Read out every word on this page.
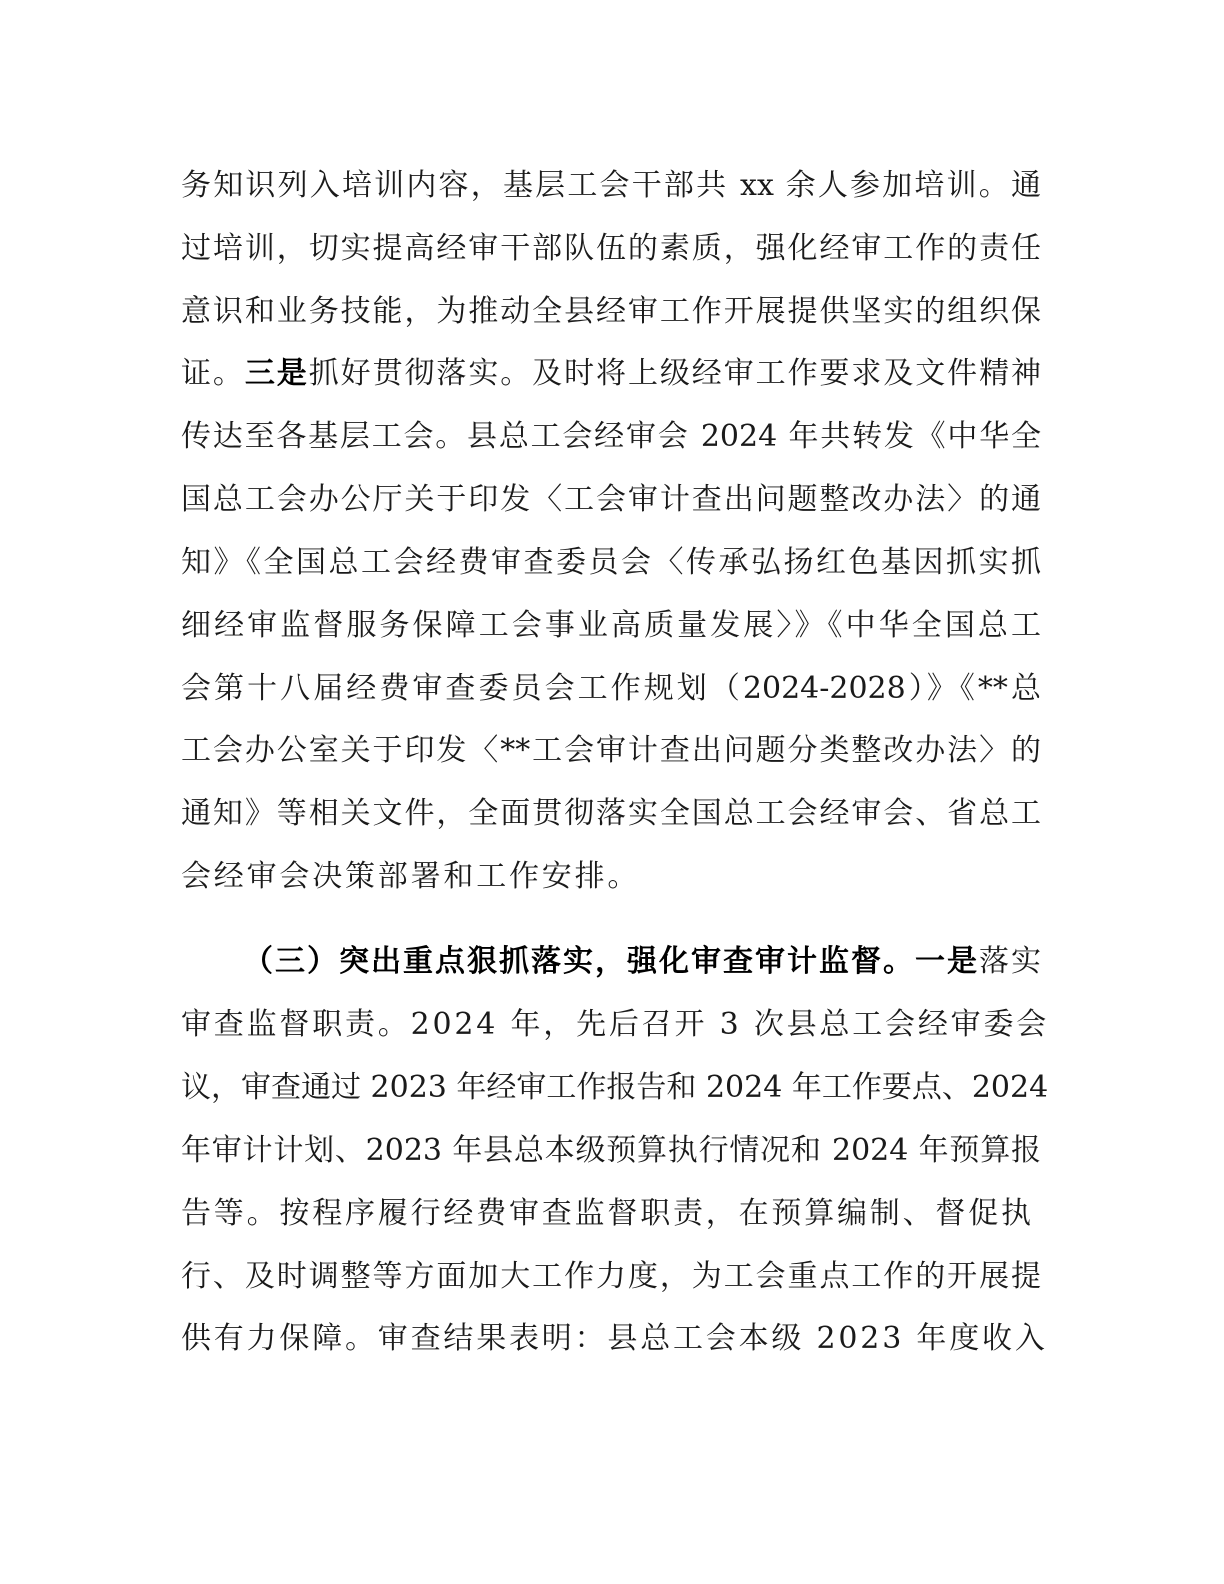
务知识列入培训内容，基层工会干部共 xx 余人参加培训。通
过培训，切实提高经审干部队伍的素质，强化经审工作的责任
意识和业务技能，为推动全县经审工作开展提供坚实的组织保
证。三是抓好贯彻落实。及时将上级经审工作要求及文件精神
传达至各基层工会。县总工会经审会 2024 年共转发《中华全
国总工会办公厅关于印发〈工会审计查出问题整改办法〉的通
知》《全国总工会经费审查委员会〈传承弘扬红色基因抓实抓
细经审监督服务保障工会事业高质量发展〉》《中华全国总工
会第十八届经费审查委员会工作规划（2024-2028）》《**总
工会办公室关于印发〈**工会审计查出问题分类整改办法〉的
通知》等相关文件，全面贯彻落实全国总工会经审会、省总工
会经审会决策部署和工作安排。
（三）突出重点狠抓落实，强化审查审计监督。一是落实
审查监督职责。2024 年，先后召开 3 次县总工会经审委会
议，审查通过 2023 年经审工作报告和 2024 年工作要点、2024
年审计计划、2023 年县总本级预算执行情况和 2024 年预算报
告等。按程序履行经费审查监督职责，在预算编制、督促执
行、及时调整等方面加大工作力度，为工会重点工作的开展提
供有力保障。审查结果表明：县总工会本级 2023 年度收入
